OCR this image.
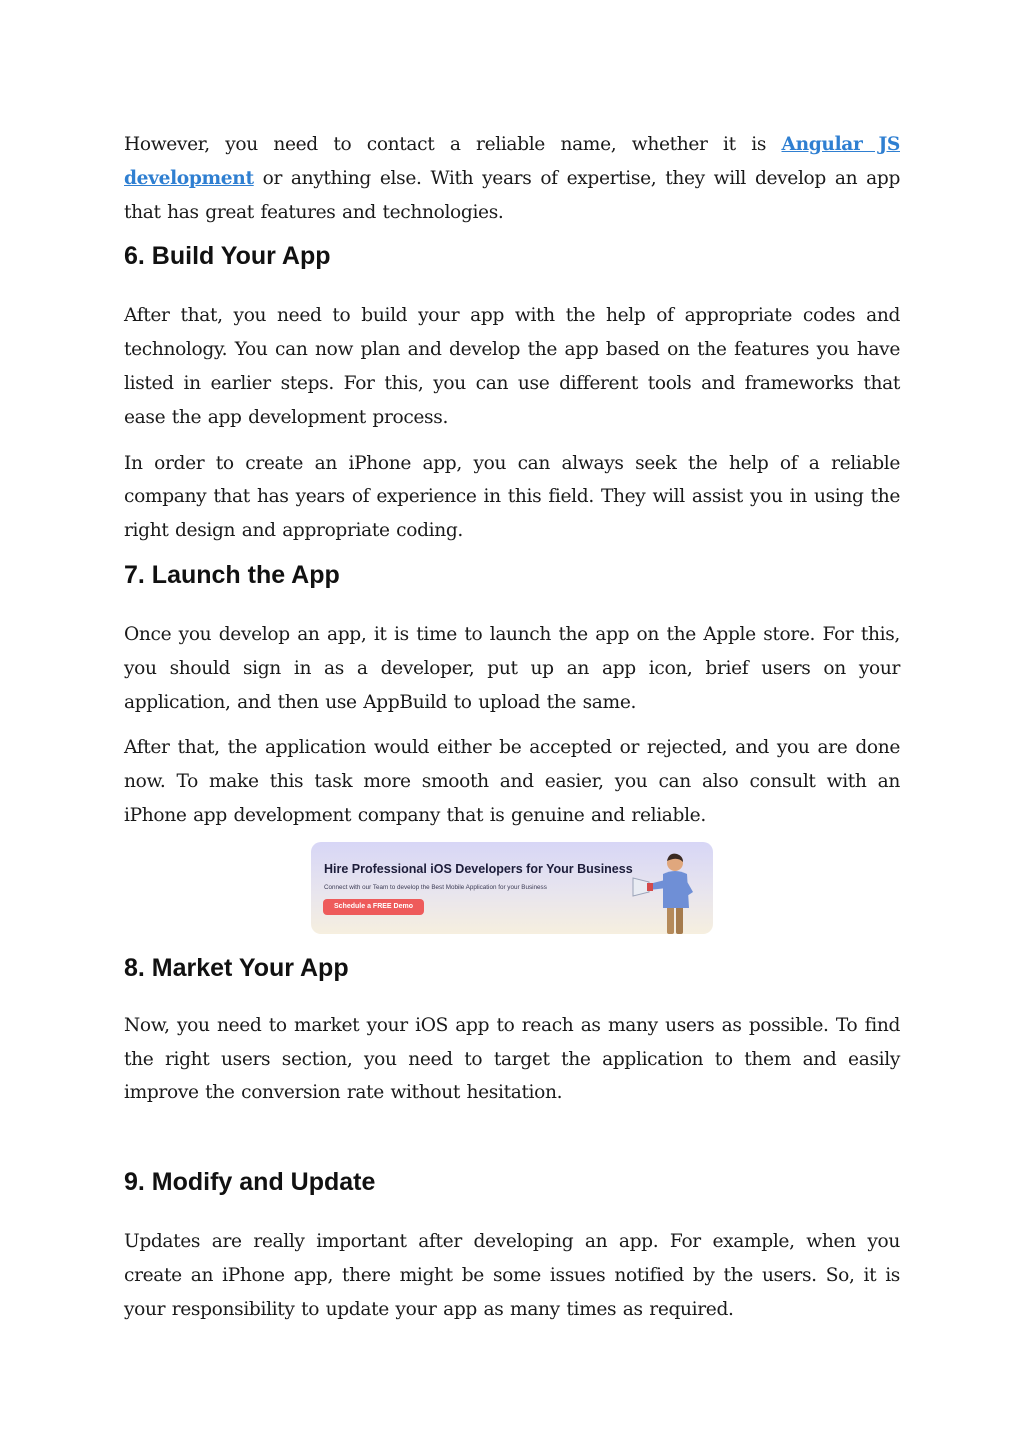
However, you need to contact a reliable name, whether it is Angular JS development or anything else. With years of expertise, they will develop an app that has great features and technologies.

6. Build Your App

After that, you need to build your app with the help of appropriate codes and technology. You can now plan and develop the app based on the features you have listed in earlier steps. For this, you can use different tools and frameworks that ease the app development process.

In order to create an iPhone app, you can always seek the help of a reliable company that has years of experience in this field. They will assist you in using the right design and appropriate coding.

7. Launch the App

Once you develop an app, it is time to launch the app on the Apple store. For this, you should sign in as a developer, put up an app icon, brief users on your application, and then use AppBuild to upload the same.

After that, the application would either be accepted or rejected, and you are done now. To make this task more smooth and easier, you can also consult with an iPhone app development company that is genuine and reliable.

Hire Professional iOS Developers for Your Business
Connect with our Team to develop the Best Mobile Application for your Business
Schedule a FREE Demo
8. Market Your App

Now, you need to market your iOS app to reach as many users as possible. To find the right users section, you need to target the application to them and easily improve the conversion rate without hesitation.

9. Modify and Update

Updates are really important after developing an app. For example, when you create an iPhone app, there might be some issues notified by the users. So, it is your responsibility to update your app as many times as required.
